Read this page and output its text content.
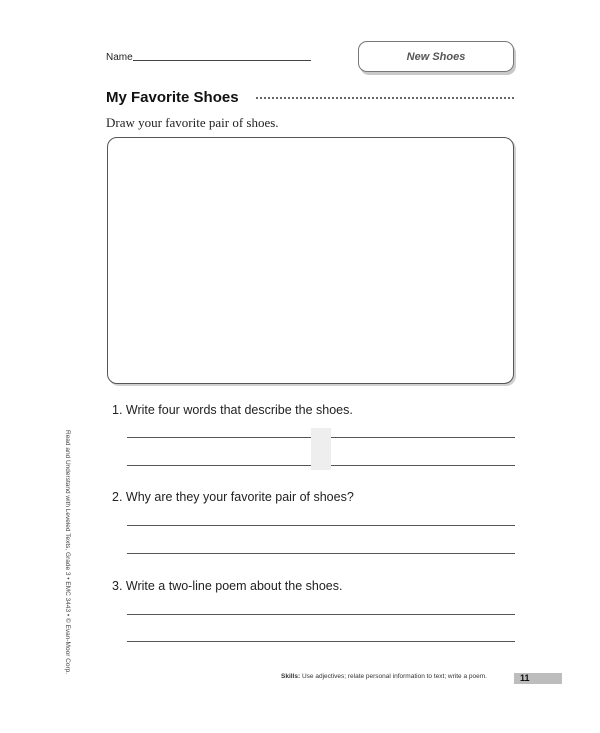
Name	New Shoes
My Favorite Shoes
Draw your favorite pair of shoes.
1. Write four words that describe the shoes.
2. Why are they your favorite pair of shoes?
3. Write a two-line poem about the shoes.
Read and Understand with Leveled Texts, Grade 3 • EMC 3443 • © Evan-Moor Corp.
Skills: Use adjectives; relate personal information to text; write a poem.	11
